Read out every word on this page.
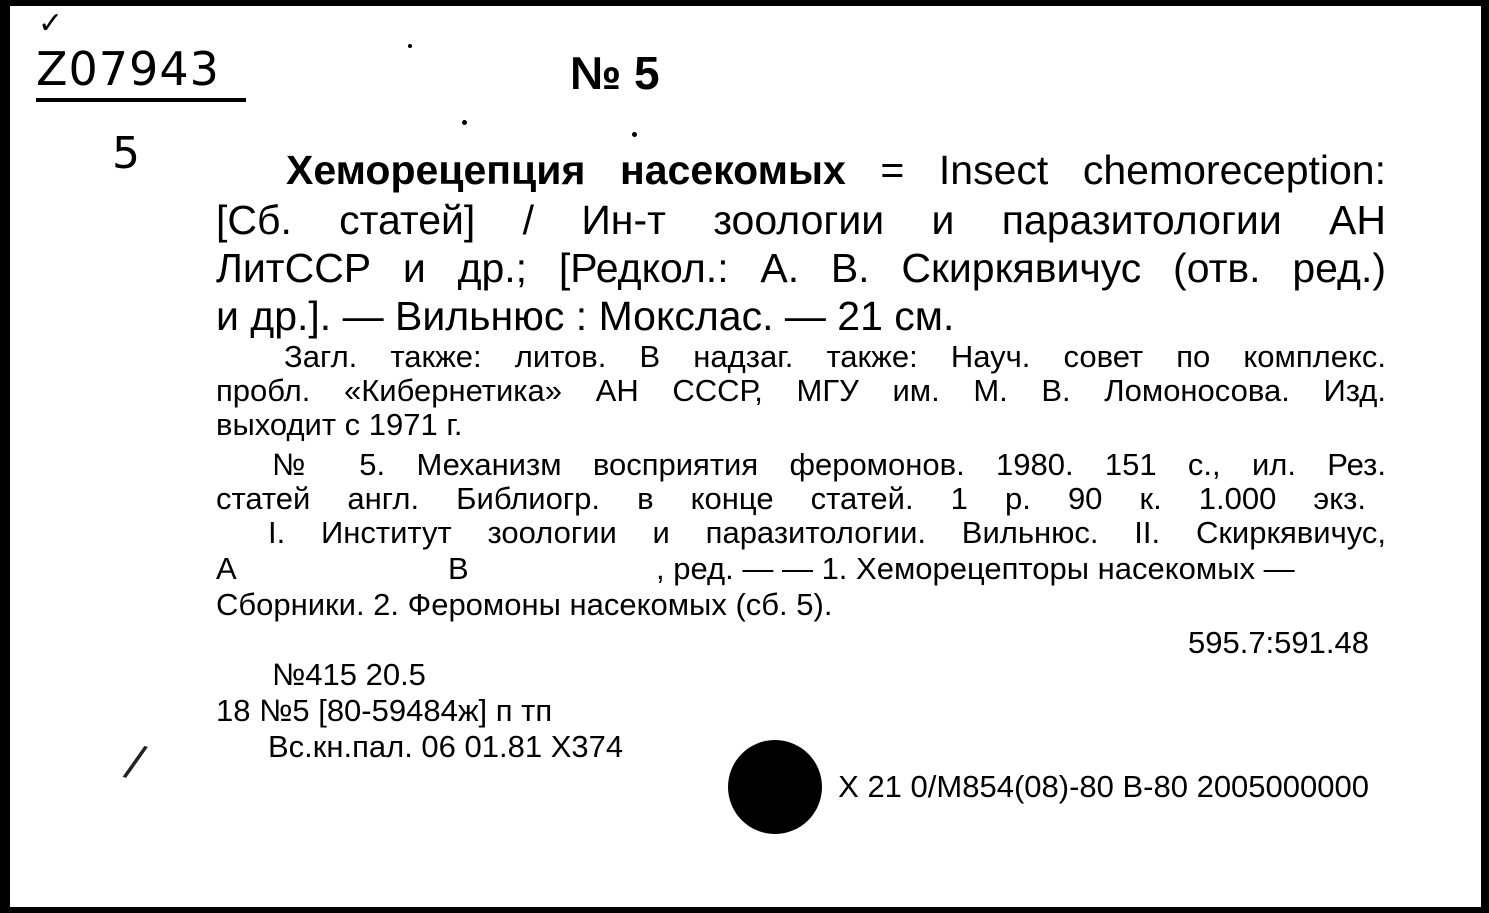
✓
Z07943	№ 5
5
/
Хеморецепция насекомых = Insect chemoreception:
[Сб. статей] / Ин-т зоологии и паразитологии АН
ЛитССР и др.; [Редкол.: А. В. Скиркявичус (отв. ред.)
и др.]. — Вильнюс : Мокслас. — 21 см.
Загл. также: литов. В надзаг. также: Науч. совет по комплекс.
пробл. «Кибернетика» АН СССР, МГУ им. М. В. Ломоносова. Изд.
выходит с 1971 г.
№ 5. Механизм восприятия феромонов. 1980. 151 с., ил. Рез.
статей англ. Библиогр. в конце статей. 1 р. 90 к. 1.000 экз.
I. Институт зоологии и паразитологии. Вильнюс. II. Скиркявичус,
А	В	, ред. — — 1. Хеморецепторы насекомых —
Сборники. 2. Феромоны насекомых (сб. 5).
595.7:591.48
№415 20.5
18 №5 [80-59484ж] п тп
Вс.кн.пал. 06 01.81 Х374
Х 21 0/М854(08)-80 В-80 2005000000
